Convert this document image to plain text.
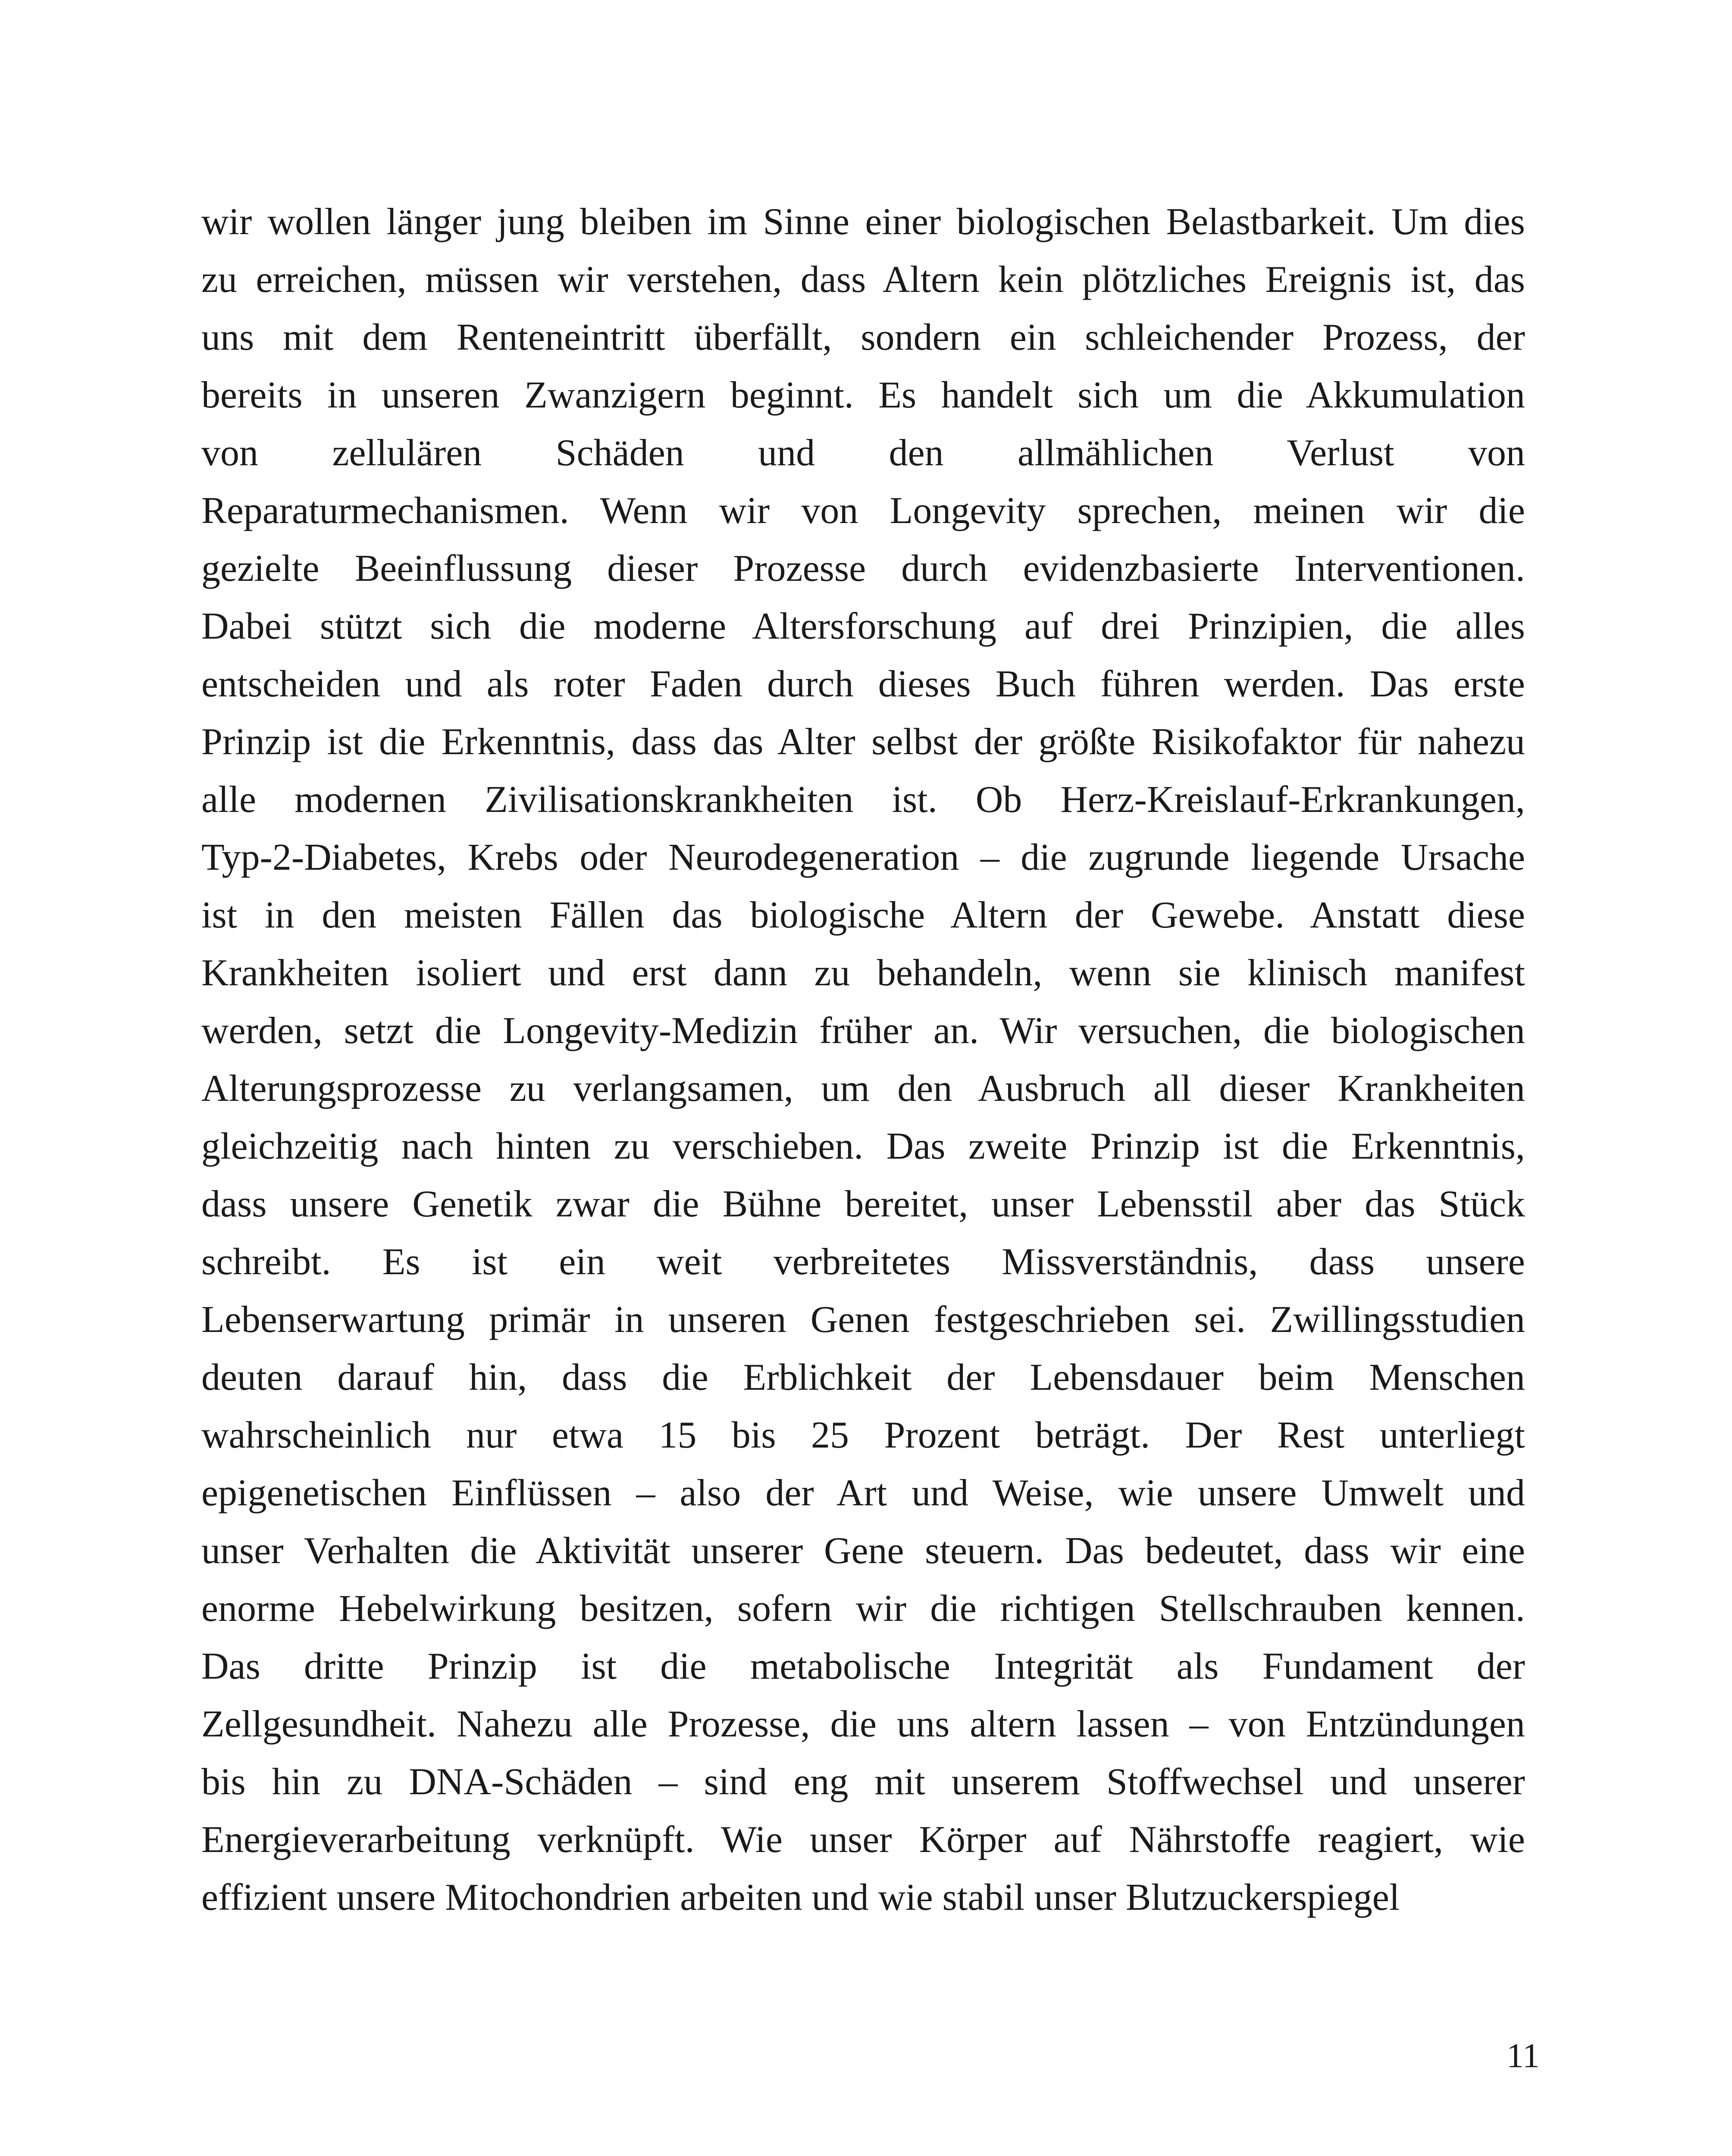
wir wollen länger jung bleiben im Sinne einer biologischen Belastbarkeit. Um dies
zu erreichen, müssen wir verstehen, dass Altern kein plötzliches Ereignis ist, das
uns mit dem Renteneintritt überfällt, sondern ein schleichender Prozess, der
bereits in unseren Zwanzigern beginnt. Es handelt sich um die Akkumulation
von zellulären Schäden und den allmählichen Verlust von
Reparaturmechanismen. Wenn wir von Longevity sprechen, meinen wir die
gezielte Beeinflussung dieser Prozesse durch evidenzbasierte Interventionen.
Dabei stützt sich die moderne Altersforschung auf drei Prinzipien, die alles
entscheiden und als roter Faden durch dieses Buch führen werden. Das erste
Prinzip ist die Erkenntnis, dass das Alter selbst der größte Risikofaktor für nahezu
alle modernen Zivilisationskrankheiten ist. Ob Herz-Kreislauf-Erkrankungen,
Typ-2-Diabetes, Krebs oder Neurodegeneration – die zugrunde liegende Ursache
ist in den meisten Fällen das biologische Altern der Gewebe. Anstatt diese
Krankheiten isoliert und erst dann zu behandeln, wenn sie klinisch manifest
werden, setzt die Longevity-Medizin früher an. Wir versuchen, die biologischen
Alterungsprozesse zu verlangsamen, um den Ausbruch all dieser Krankheiten
gleichzeitig nach hinten zu verschieben. Das zweite Prinzip ist die Erkenntnis,
dass unsere Genetik zwar die Bühne bereitet, unser Lebensstil aber das Stück
schreibt. Es ist ein weit verbreitetes Missverständnis, dass unsere
Lebenserwartung primär in unseren Genen festgeschrieben sei. Zwillingsstudien
deuten darauf hin, dass die Erblichkeit der Lebensdauer beim Menschen
wahrscheinlich nur etwa 15 bis 25 Prozent beträgt. Der Rest unterliegt
epigenetischen Einflüssen – also der Art und Weise, wie unsere Umwelt und
unser Verhalten die Aktivität unserer Gene steuern. Das bedeutet, dass wir eine
enorme Hebelwirkung besitzen, sofern wir die richtigen Stellschrauben kennen.
Das dritte Prinzip ist die metabolische Integrität als Fundament der
Zellgesundheit. Nahezu alle Prozesse, die uns altern lassen – von Entzündungen
bis hin zu DNA-Schäden – sind eng mit unserem Stoffwechsel und unserer
Energieverarbeitung verknüpft. Wie unser Körper auf Nährstoffe reagiert, wie
effizient unsere Mitochondrien arbeiten und wie stabil unser Blutzuckerspiegel
11
